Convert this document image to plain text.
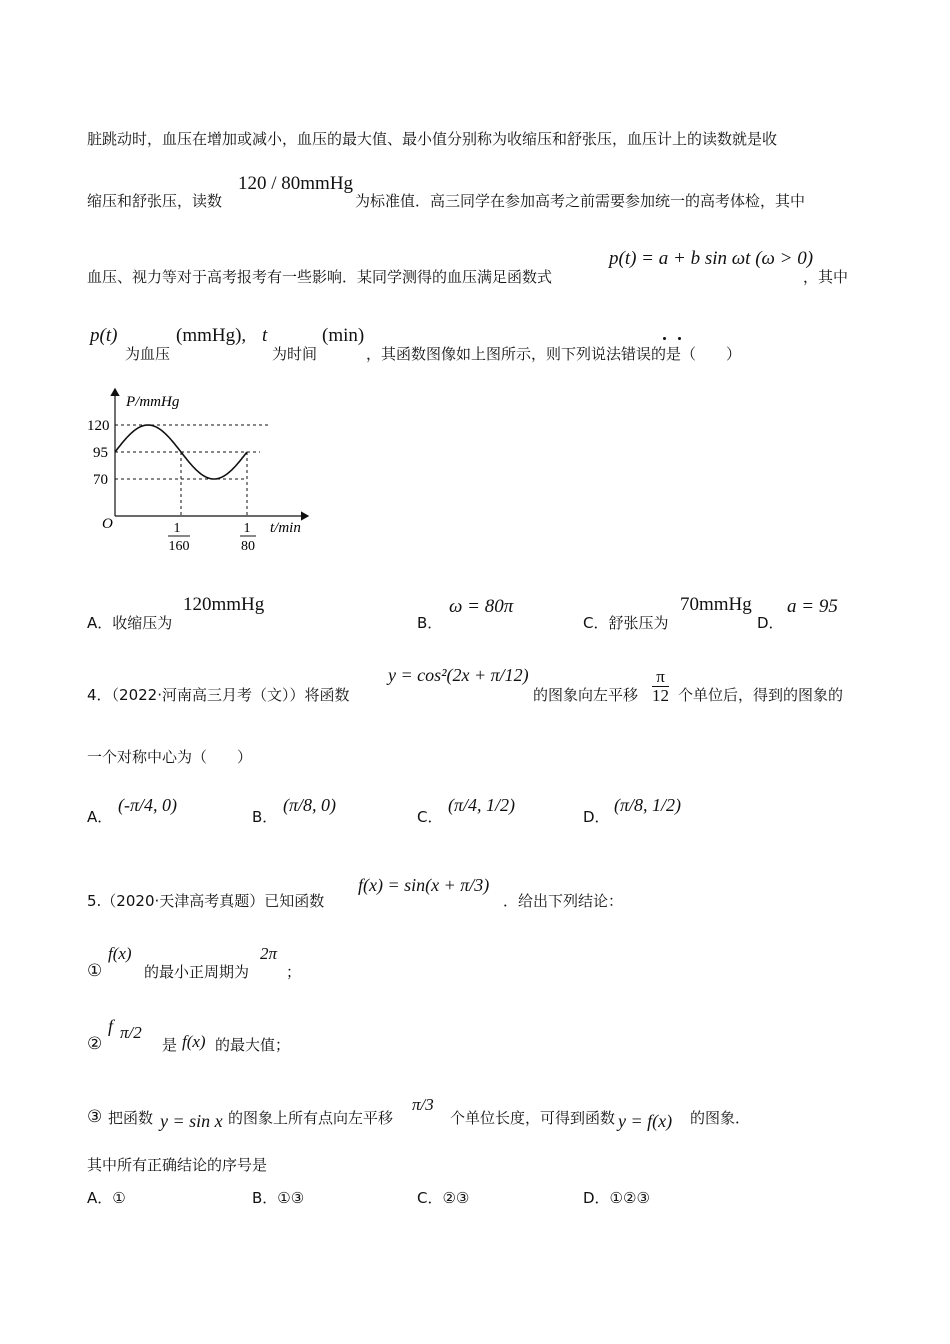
脏跳动时，血压在增加或减小，血压的最大值、最小值分别称为收缩压和舒张压，血压计上的读数就是收
缩压和舒张压，读数
120 / 80mmHg
为标准值．高三同学在参加高考之前需要参加统一的高考体检，其中
血压、视力等对于高考报考有一些影响．某同学测得的血压满足函数式
p(t) = a + b sin ωt (ω > 0)
，其中
p(t)
为血压
(mmHg), t
为时间
(min)
，其函数图像如上图所示，则下列说法错误的是（　　）
P/mmHg
t/min
O
120
95
70
1
160
1
80
A．收缩压为
120mmHg
B．
ω = 80π
C．舒张压为
70mmHg
D．
a = 95
4．（2022·河南高三月考（文））将函数
y = cos²(2x + π/12)
的图象向左平移 $\frac{\pi}{12}$ 个单位后，得到的图象的
一个对称中心为（　　）
A．
(-π/4, 0)
B．
(π/8, 0)
C．
(π/4, 1/2)
D．
(π/8, 1/2)
5.（2020·天津高考真题）已知函数
f(x) = sin(x + π/3)
．给出下列结论：
①
f(x)
的最小正周期为
2π
；
②
f π/2
是 f(x) 的最大值；
③ 把函数 y = sin x 的图象上所有点向左平移
π/3
个单位长度，可得到函数 y = f(x) 的图象．
其中所有正确结论的序号是
A．①	B．①③	C．②③	D．①②③
